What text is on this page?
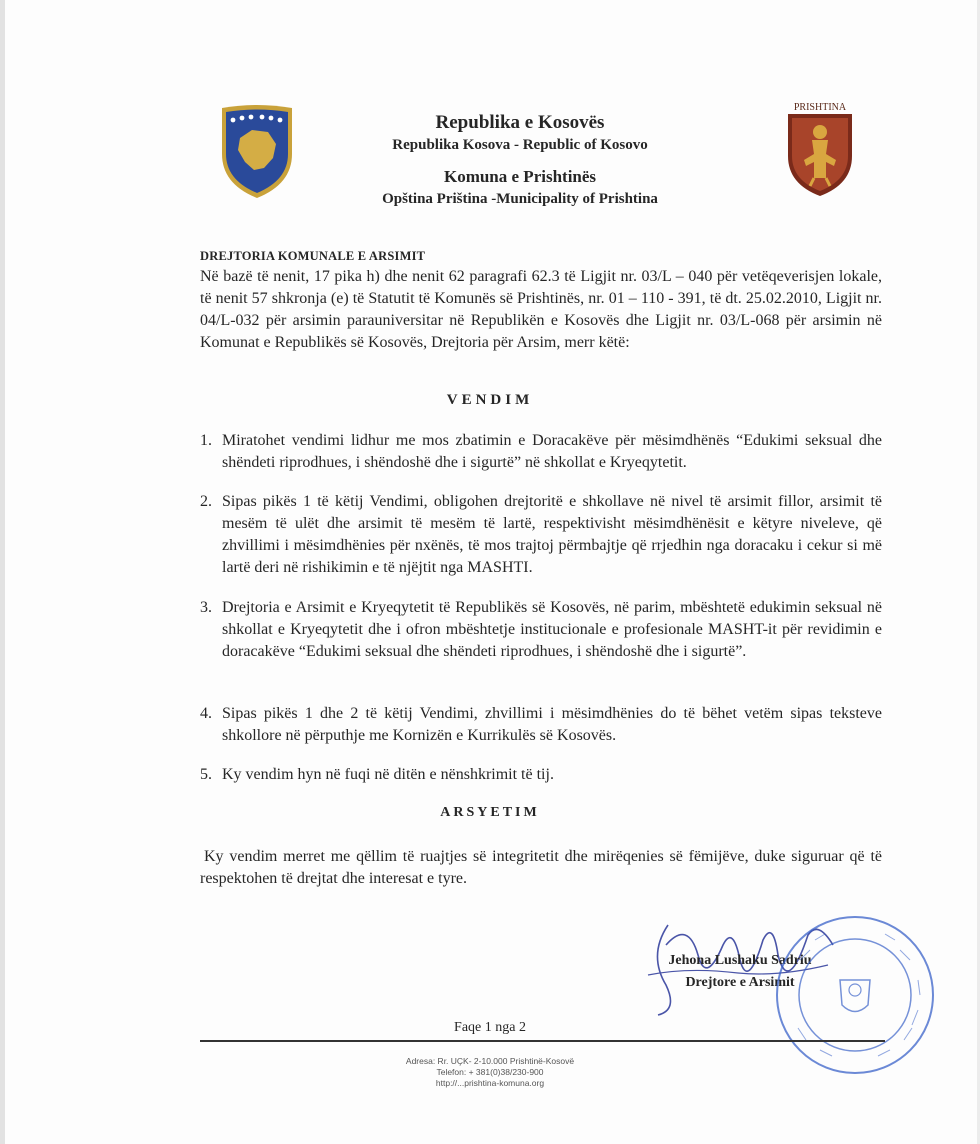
Republika e Kosovës
Republika Kosova - Republic of Kosovo
Komuna e Prishtinës
Opština Priština -Municipality of Prishtina
PRISHTINA
DREJTORIA KOMUNALE E ARSIMIT
Në bazë të nenit, 17 pika h) dhe nenit 62 paragrafi 62.3 të Ligjit nr. 03/L – 040 për vetëqeverisjen lokale, të nenit 57 shkronja (e) të Statutit të Komunës së Prishtinës, nr. 01 – 110 - 391, të dt. 25.02.2010, Ligjit nr. 04/L-032 për arsimin parauniversitar në Republikën e Kosovës dhe Ligjit nr. 03/L-068 për arsimin në Komunat e Republikës së Kosovës, Drejtoria për Arsim, merr këtë:
VENDIM
1. Miratohet vendimi lidhur me mos zbatimin e Doracakëve për mësimdhënës “Edukimi seksual dhe shëndeti riprodhues, i shëndoshë dhe i sigurtë” në shkollat e Kryeqytetit.
2. Sipas pikës 1 të këtij Vendimi, obligohen drejtoritë e shkollave në nivel të arsimit fillor, arsimit të mesëm të ulët dhe arsimit të mesëm të lartë, respektivisht mësimdhënësit e këtyre niveleve, që zhvillimi i mësimdhënies për nxënës, të mos trajtoj përmbajtje që rrjedhin nga doracaku i cekur si më lartë deri në rishikimin e të njëjtit nga MASHTI.
3. Drejtoria e Arsimit e Kryeqytetit të Republikës së Kosovës, në parim, mbështetë edukimin seksual në shkollat e Kryeqytetit dhe i ofron mbështetje institucionale e profesionale MASHT-it për revidimin e doracakëve “Edukimi seksual dhe shëndeti riprodhues, i shëndoshë dhe i sigurtë”.
4. Sipas pikës 1 dhe 2 të këtij Vendimi, zhvillimi i mësimdhënies do të bëhet vetëm sipas teksteve shkollore në përputhje me Kornizën e Kurrikulës së Kosovës.
5. Ky vendim hyn në fuqi në ditën e nënshkrimit të tij.
ARSYETIM
Ky vendim merret me qëllim të ruajtjes së integritetit dhe mirëqenies së fëmijëve, duke siguruar që të respektohen të drejtat dhe interesat e tyre.
Jehona Lushaku Sadriu
Drejtore e Arsimit
Faqe 1 nga 2
Adresa: Rr. UÇK- 2-10.000 Prishtinë-Kosovë
Telefon: + 381(0)38/230-900
http://...prishtina-komuna.org
